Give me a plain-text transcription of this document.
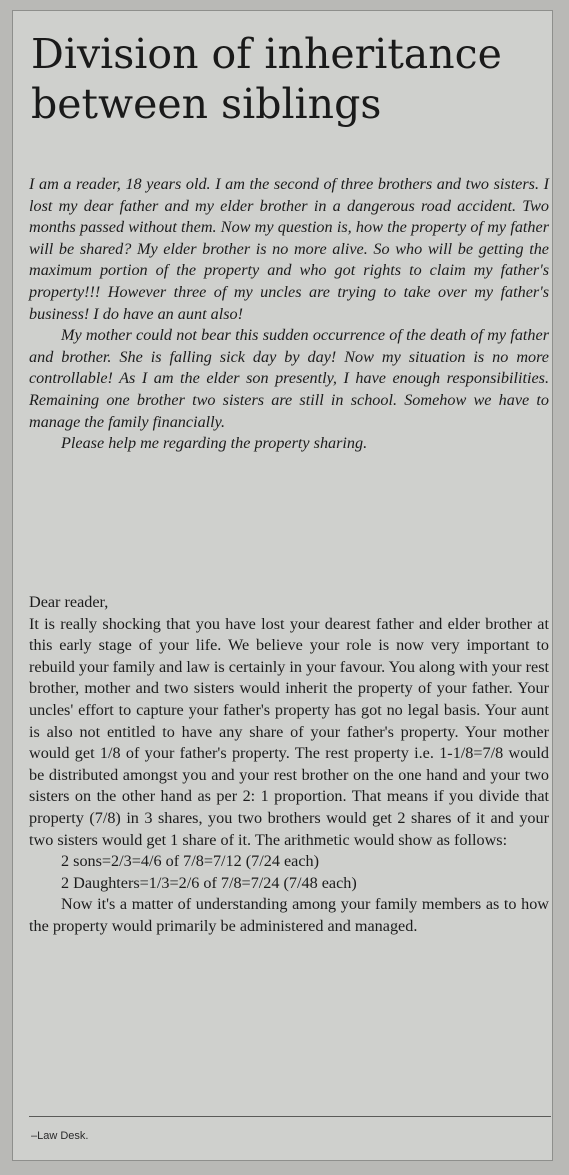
Division of inheritance between siblings

I am a reader, 18 years old. I am the second of three brothers and two sisters. I lost my dear father and my elder brother in a dangerous road accident. Two months passed without them. Now my question is, how the property of my father will be shared? My elder brother is no more alive. So who will be getting the maximum portion of the property and who got rights to claim my father's property!!! However three of my uncles are trying to take over my father's business! I do have an aunt also!

My mother could not bear this sudden occurrence of the death of my father and brother. She is falling sick day by day! Now my situation is no more controllable! As I am the elder son presently, I have enough responsibilities. Remaining one brother two sisters are still in school. Somehow we have to manage the family financially.

Please help me regarding the property sharing.

Dear reader,

It is really shocking that you have lost your dearest father and elder brother at this early stage of your life. We believe your role is now very important to rebuild your family and law is certainly in your favour. You along with your rest brother, mother and two sisters would inherit the property of your father. Your uncles' effort to capture your father's property has got no legal basis. Your aunt is also not entitled to have any share of your father's property. Your mother would get 1/8 of your father's property. The rest property i.e. 1-1/8=7/8 would be distributed amongst you and your rest brother on the one hand and your two sisters on the other hand as per 2: 1 proportion. That means if you divide that property (7/8) in 3 shares, you two brothers would get 2 shares of it and your two sisters would get 1 share of it. The arithmetic would show as follows:

2 sons=2/3=4/6 of 7/8=7/12 (7/24 each)

2 Daughters=1/3=2/6 of 7/8=7/24 (7/48 each)

Now it's a matter of understanding among your family members as to how the property would primarily be administered and managed.

–Law Desk.
